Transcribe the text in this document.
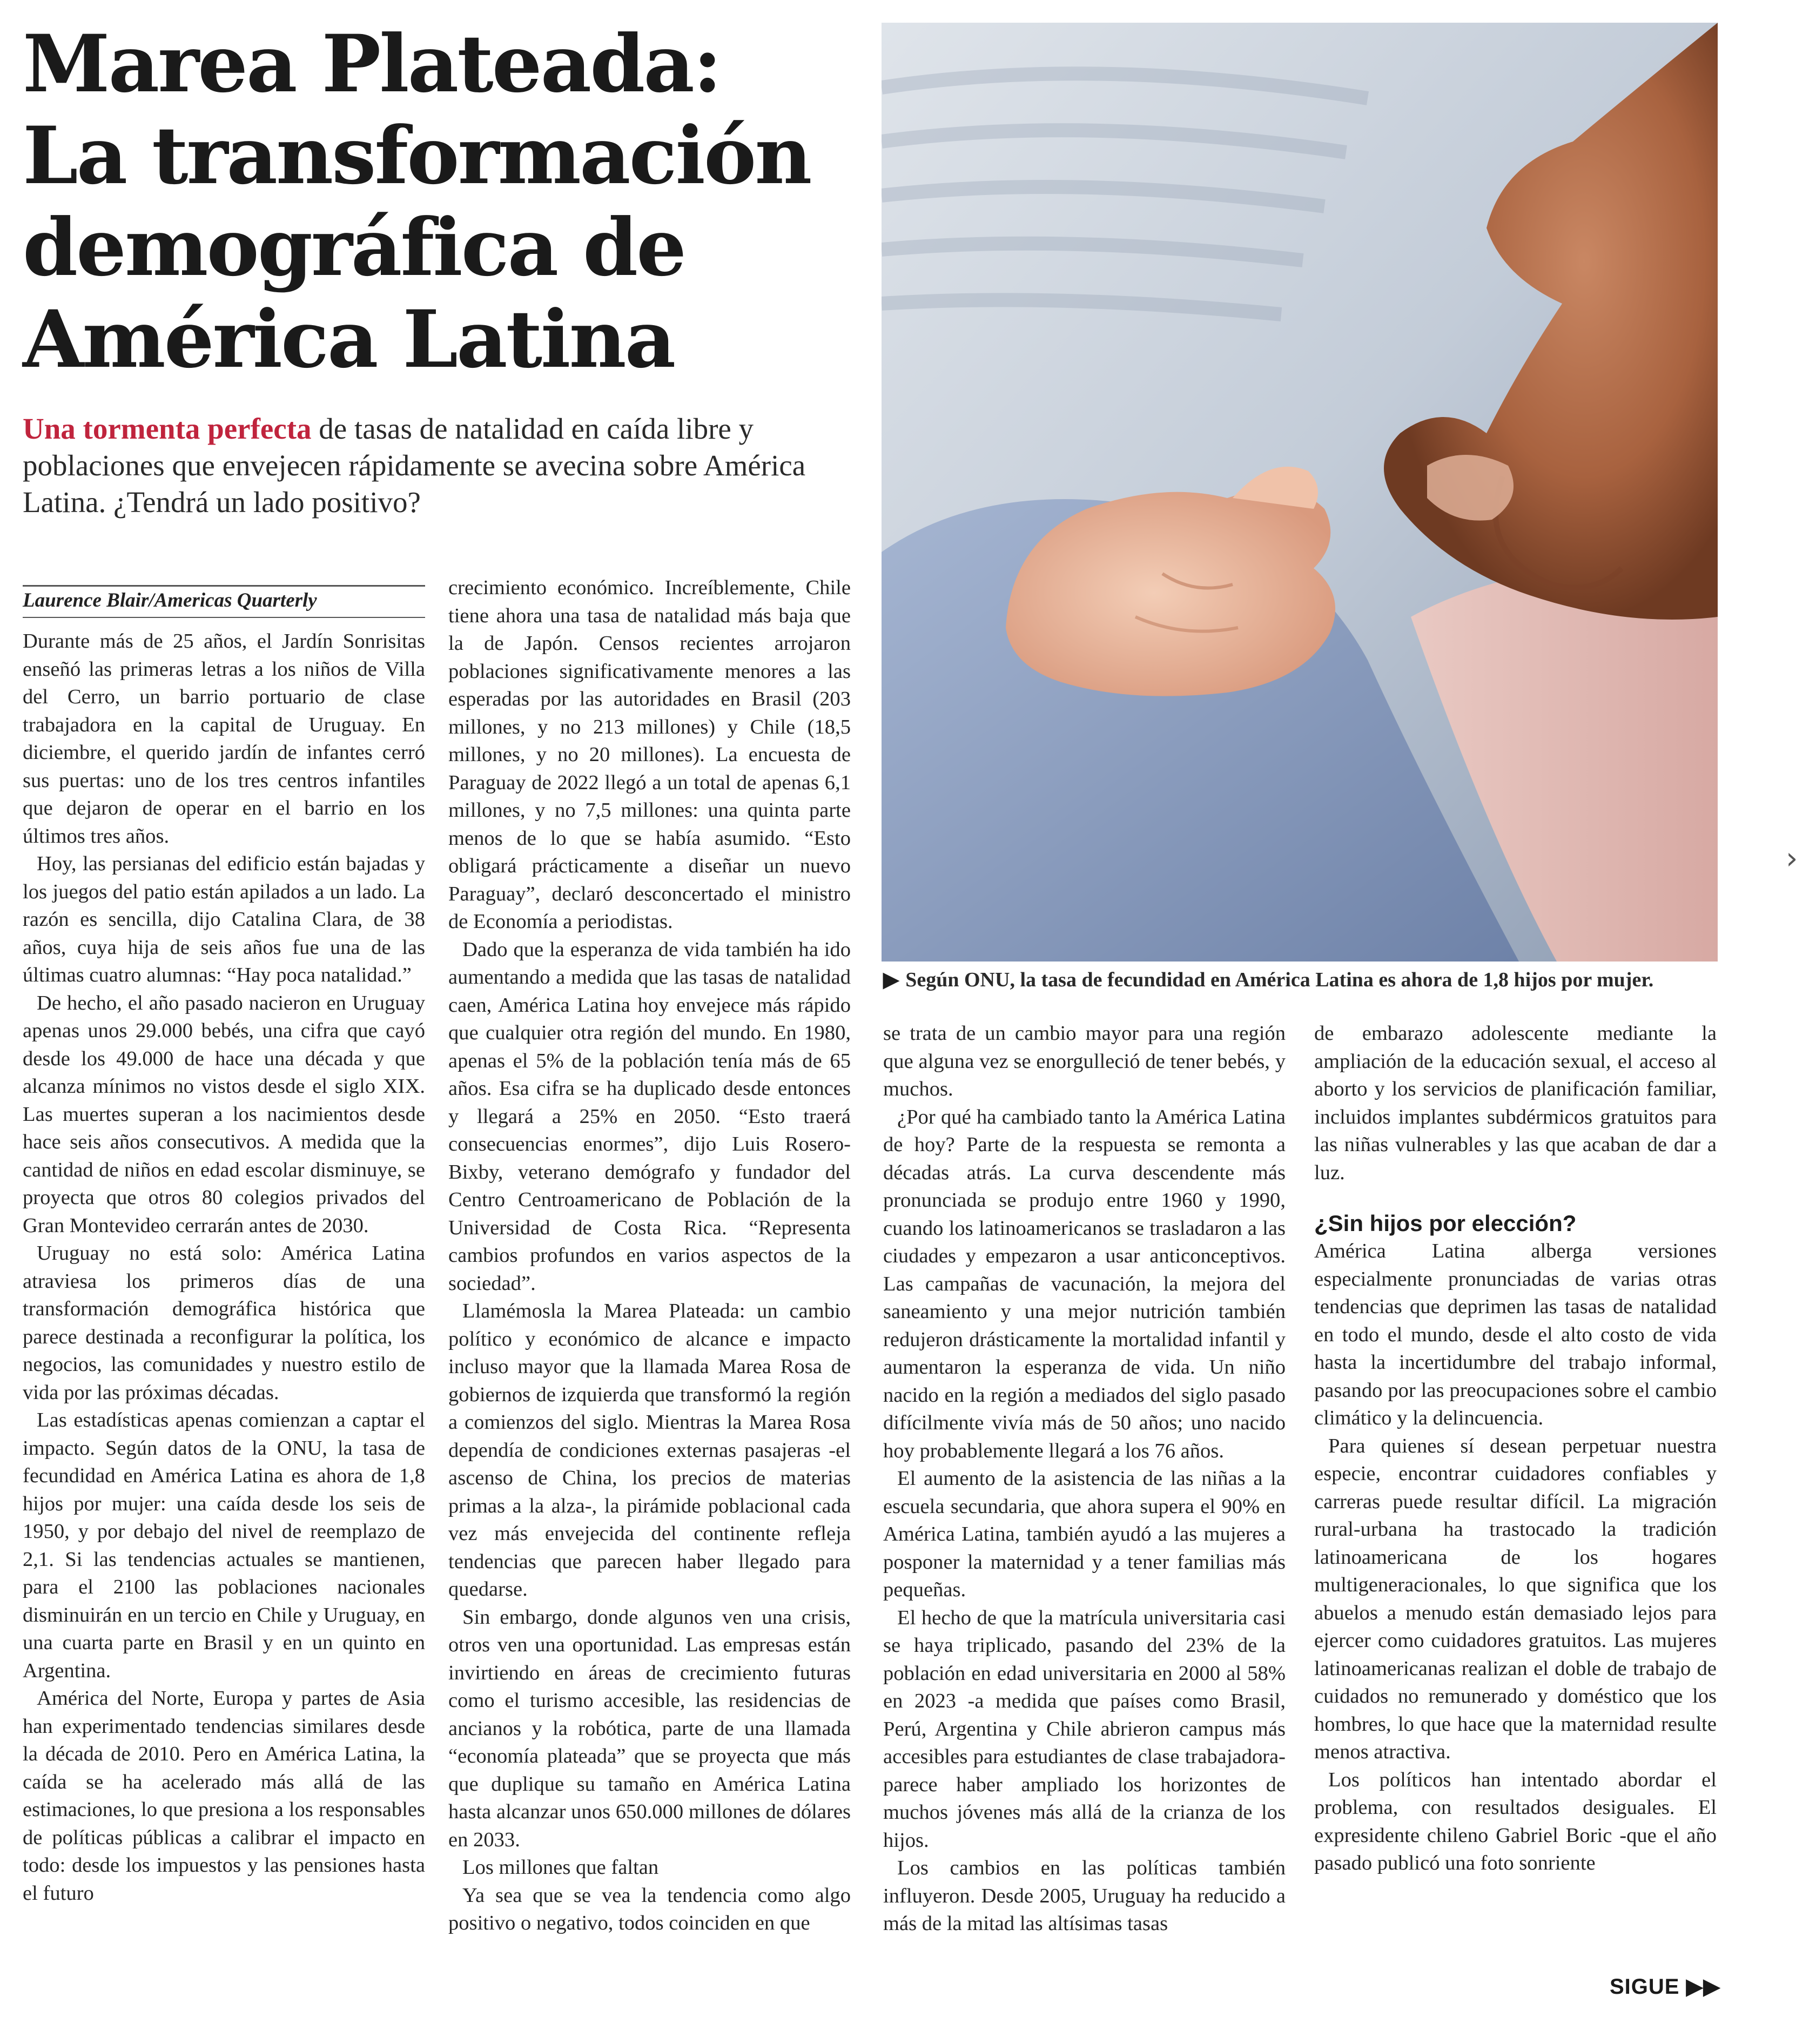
Marea Plateada:
La transformación
demográfica de
América Latina
Una tormenta perfecta de tasas de natalidad en caída libre y poblaciones que envejecen rápidamente se avecina sobre América Latina. ¿Tendrá un lado positivo?
Laurence Blair/Americas Quarterly

Durante más de 25 años, el Jardín Sonrisitas enseñó las primeras letras a los niños de Villa del Cerro, un barrio portuario de clase trabajadora en la capital de Uruguay. En diciembre, el querido jardín de infantes cerró sus puertas: uno de los tres centros infantiles que dejaron de operar en el barrio en los últimos tres años.

Hoy, las persianas del edificio están bajadas y los juegos del patio están apilados a un lado. La razón es sencilla, dijo Catalina Clara, de 38 años, cuya hija de seis años fue una de las últimas cuatro alumnas: “Hay poca natalidad.”

De hecho, el año pasado nacieron en Uruguay apenas unos 29.000 bebés, una cifra que cayó desde los 49.000 de hace una década y que alcanza mínimos no vistos desde el siglo XIX. Las muertes superan a los nacimientos desde hace seis años consecutivos. A medida que la cantidad de niños en edad escolar disminuye, se proyecta que otros 80 colegios privados del Gran Montevideo cerrarán antes de 2030.

Uruguay no está solo: América Latina atraviesa los primeros días de una transformación demográfica histórica que parece destinada a reconfigurar la política, los negocios, las comunidades y nuestro estilo de vida por las próximas décadas.

Las estadísticas apenas comienzan a captar el impacto. Según datos de la ONU, la tasa de fecundidad en América Latina es ahora de 1,8 hijos por mujer: una caída desde los seis de 1950, y por debajo del nivel de reemplazo de 2,1. Si las tendencias actuales se mantienen, para el 2100 las poblaciones nacionales disminuirán en un tercio en Chile y Uruguay, en una cuarta parte en Brasil y en un quinto en Argentina.

América del Norte, Europa y partes de Asia han experimentado tendencias similares desde la década de 2010. Pero en América Latina, la caída se ha acelerado más allá de las estimaciones, lo que presiona a los responsables de políticas públicas a calibrar el impacto en todo: desde los impuestos y las pensiones hasta el futuro

crecimiento económico. Increíblemente, Chile tiene ahora una tasa de natalidad más baja que la de Japón. Censos recientes arrojaron poblaciones significativamente menores a las esperadas por las autoridades en Brasil (203 millones, y no 213 millones) y Chile (18,5 millones, y no 20 millones). La encuesta de Paraguay de 2022 llegó a un total de apenas 6,1 millones, y no 7,5 millones: una quinta parte menos de lo que se había asumido. “Esto obligará prácticamente a diseñar un nuevo Paraguay”, declaró desconcertado el ministro de Economía a periodistas.

Dado que la esperanza de vida también ha ido aumentando a medida que las tasas de natalidad caen, América Latina hoy envejece más rápido que cualquier otra región del mundo. En 1980, apenas el 5% de la población tenía más de 65 años. Esa cifra se ha duplicado desde entonces y llegará a 25% en 2050. “Esto traerá consecuencias enormes”, dijo Luis Rosero-Bixby, veterano demógrafo y fundador del Centro Centroamericano de Población de la Universidad de Costa Rica. “Representa cambios profundos en varios aspectos de la sociedad”.

Llamémosla la Marea Plateada: un cambio político y económico de alcance e impacto incluso mayor que la llamada Marea Rosa de gobiernos de izquierda que transformó la región a comienzos del siglo. Mientras la Marea Rosa dependía de condiciones externas pasajeras -el ascenso de China, los precios de materias primas a la alza-, la pirámide poblacional cada vez más envejecida del continente refleja tendencias que parecen haber llegado para quedarse.

Sin embargo, donde algunos ven una crisis, otros ven una oportunidad. Las empresas están invirtiendo en áreas de crecimiento futuras como el turismo accesible, las residencias de ancianos y la robótica, parte de una llamada “economía plateada” que se proyecta que más que duplique su tamaño en América Latina hasta alcanzar unos 650.000 millones de dólares en 2033.

Los millones que faltan

Ya sea que se vea la tendencia como algo positivo o negativo, todos coinciden en que

▶ Según ONU, la tasa de fecundidad en América Latina es ahora de 1,8 hijos por mujer.
›

se trata de un cambio mayor para una región que alguna vez se enorgulleció de tener bebés, y muchos.

¿Por qué ha cambiado tanto la América Latina de hoy? Parte de la respuesta se remonta a décadas atrás. La curva descendente más pronunciada se produjo entre 1960 y 1990, cuando los latinoamericanos se trasladaron a las ciudades y empezaron a usar anticonceptivos. Las campañas de vacunación, la mejora del saneamiento y una mejor nutrición también redujeron drásticamente la mortalidad infantil y aumentaron la esperanza de vida. Un niño nacido en la región a mediados del siglo pasado difícilmente vivía más de 50 años; uno nacido hoy probablemente llegará a los 76 años.

El aumento de la asistencia de las niñas a la escuela secundaria, que ahora supera el 90% en América Latina, también ayudó a las mujeres a posponer la maternidad y a tener familias más pequeñas.

El hecho de que la matrícula universitaria casi se haya triplicado, pasando del 23% de la población en edad universitaria en 2000 al 58% en 2023 -a medida que países como Brasil, Perú, Argentina y Chile abrieron campus más accesibles para estudiantes de clase trabajadora- parece haber ampliado los horizontes de muchos jóvenes más allá de la crianza de los hijos.

Los cambios en las políticas también influyeron. Desde 2005, Uruguay ha reducido a más de la mitad las altísimas tasas

de embarazo adolescente mediante la ampliación de la educación sexual, el acceso al aborto y los servicios de planificación familiar, incluidos implantes subdérmicos gratuitos para las niñas vulnerables y las que acaban de dar a luz.

¿Sin hijos por elección?

América Latina alberga versiones especialmente pronunciadas de varias otras tendencias que deprimen las tasas de natalidad en todo el mundo, desde el alto costo de vida hasta la incertidumbre del trabajo informal, pasando por las preocupaciones sobre el cambio climático y la delincuencia.

Para quienes sí desean perpetuar nuestra especie, encontrar cuidadores confiables y carreras puede resultar difícil. La migración rural-urbana ha trastocado la tradición latinoamericana de los hogares multigeneracionales, lo que significa que los abuelos a menudo están demasiado lejos para ejercer como cuidadores gratuitos. Las mujeres latinoamericanas realizan el doble de trabajo de cuidados no remunerado y doméstico que los hombres, lo que hace que la maternidad resulte menos atractiva.

Los políticos han intentado abordar el problema, con resultados desiguales. El expresidente chileno Gabriel Boric -que el año pasado publicó una foto sonriente

SIGUE ▶▶
